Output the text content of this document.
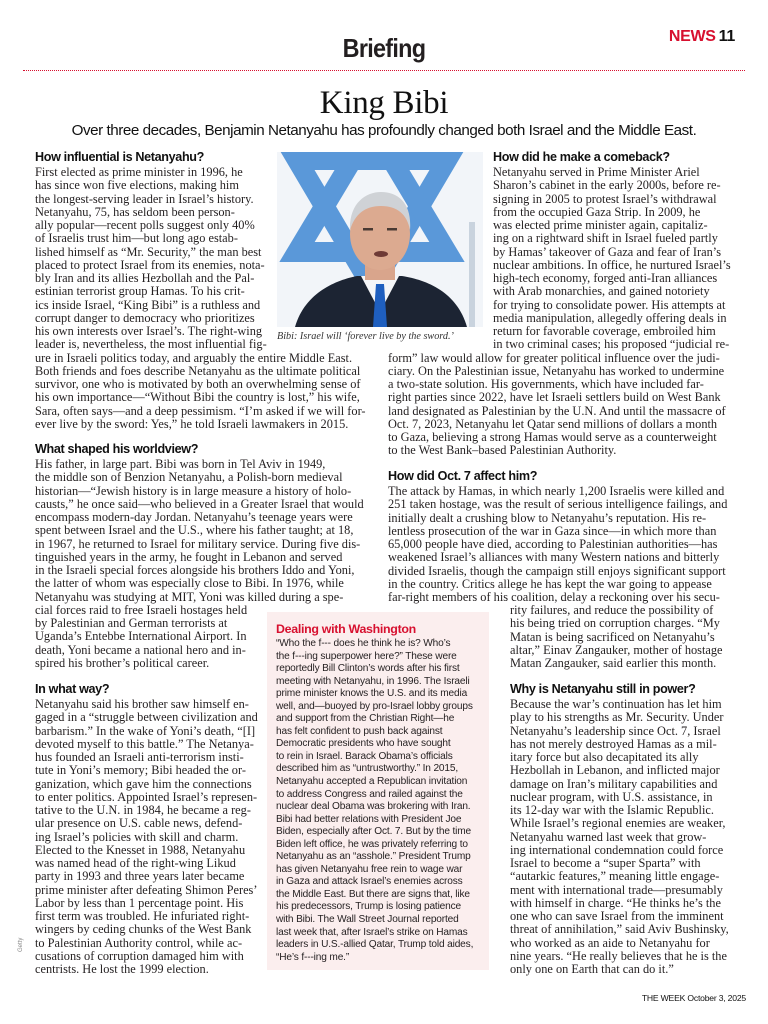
Briefing	NEWS 11
King Bibi
Over three decades, Benjamin Netanyahu has profoundly changed both Israel and the Middle East.
Bibi: Israel will ‘forever live by the sword.’
How influential is Netanyahu?
First elected as prime minister in 1996, he
has since won five elections, making him
the longest-serving leader in Israel’s history.
Netanyahu, 75, has seldom been person-
ally popular—recent polls suggest only 40%
of Israelis trust him—but long ago estab-
lished himself as “Mr. Security,” the man best
placed to protect Israel from its enemies, nota-
bly Iran and its allies Hezbollah and the Pal-
estinian terrorist group Hamas. To his crit-
ics inside Israel, “King Bibi” is a ruthless and
corrupt danger to democracy who prioritizes
his own interests over Israel’s. The right-wing
leader is, nevertheless, the most influential fig-
ure in Israeli politics today, and arguably the entire Middle East.
Both friends and foes describe Netanyahu as the ultimate political
survivor, one who is motivated by both an overwhelming sense of
his own importance—“Without Bibi the country is lost,” his wife,
Sara, often says—and a deep pessimism. “I’m asked if we will for-
ever live by the sword: Yes,” he told Israeli lawmakers in 2015.
What shaped his worldview?
His father, in large part. Bibi was born in Tel Aviv in 1949,
the middle son of Benzion Netanyahu, a Polish-born medieval
historian—“Jewish history is in large measure a history of holo-
causts,” he once said—who believed in a Greater Israel that would
encompass modern-day Jordan. Netanyahu’s teenage years were
spent between Israel and the U.S., where his father taught; at 18,
in 1967, he returned to Israel for military service. During five dis-
tinguished years in the army, he fought in Lebanon and served
in the Israeli special forces alongside his brothers Iddo and Yoni,
the latter of whom was especially close to Bibi. In 1976, while
Netanyahu was studying at MIT, Yoni was killed during a spe-
cial forces raid to free Israeli hostages held
by Palestinian and German terrorists at
Uganda’s Entebbe International Airport. In
death, Yoni became a national hero and in-
spired his brother’s political career.
In what way?
Netanyahu said his brother saw himself en-
gaged in a “struggle between civilization and
barbarism.” In the wake of Yoni’s death, “[I]
devoted myself to this battle.” The Netanya-
hus founded an Israeli anti-terrorism insti-
tute in Yoni’s memory; Bibi headed the or-
ganization, which gave him the connections
to enter politics. Appointed Israel’s represen-
tative to the U.N. in 1984, he became a reg-
ular presence on U.S. cable news, defend-
ing Israel’s policies with skill and charm.
Elected to the Knesset in 1988, Netanyahu
was named head of the right-wing Likud
party in 1993 and three years later became
prime minister after defeating Shimon Peres’
Labor by less than 1 percentage point. His
first term was troubled. He infuriated right-
wingers by ceding chunks of the West Bank
to Palestinian Authority control, while ac-
cusations of corruption damaged him with
centrists. He lost the 1999 election.
How did he make a comeback?
Netanyahu served in Prime Minister Ariel
Sharon’s cabinet in the early 2000s, before re-
signing in 2005 to protest Israel’s withdrawal
from the occupied Gaza Strip. In 2009, he
was elected prime minister again, capitaliz-
ing on a rightward shift in Israel fueled partly
by Hamas’ takeover of Gaza and fear of Iran’s
nuclear ambitions. In office, he nurtured Israel’s
high-tech economy, forged anti-Iran alliances
with Arab monarchies, and gained notoriety
for trying to consolidate power. His attempts at
media manipulation, allegedly offering deals in
return for favorable coverage, embroiled him
in two criminal cases; his proposed “judicial re-
form” law would allow for greater political influence over the judi-
ciary. On the Palestinian issue, Netanyahu has worked to undermine
a two-state solution. His governments, which have included far-
right parties since 2022, have let Israeli settlers build on West Bank
land designated as Palestinian by the U.N. And until the massacre of
Oct. 7, 2023, Netanyahu let Qatar send millions of dollars a month
to Gaza, believing a strong Hamas would serve as a counterweight
to the West Bank–based Palestinian Authority.
How did Oct. 7 affect him?
The attack by Hamas, in which nearly 1,200 Israelis were killed and
251 taken hostage, was the result of serious intelligence failings, and
initially dealt a crushing blow to Netanyahu’s reputation. His re-
lentless prosecution of the war in Gaza since—in which more than
65,000 people have died, according to Palestinian authorities—has
weakened Israel’s alliances with many Western nations and bitterly
divided Israelis, though the campaign still enjoys significant support
in the country. Critics allege he has kept the war going to appease
far-right members of his coalition, delay a reckoning over his secu-
rity failures, and reduce the possibility of
his being tried on corruption charges. “My
Matan is being sacrificed on Netanyahu’s
altar,” Einav Zangauker, mother of hostage
Matan Zangauker, said earlier this month.
Why is Netanyahu still in power?
Because the war’s continuation has let him
play to his strengths as Mr. Security. Under
Netanyahu’s leadership since Oct. 7, Israel
has not merely destroyed Hamas as a mil-
itary force but also decapitated its ally
Hezbollah in Lebanon, and inflicted major
damage on Iran’s military capabilities and
nuclear program, with U.S. assistance, in
its 12-day war with the Islamic Republic.
While Israel’s regional enemies are weaker,
Netanyahu warned last week that grow-
ing international condemnation could force
Israel to become a “super Sparta” with
“autarkic features,” meaning little engage-
ment with international trade—presumably
with himself in charge. “He thinks he’s the
one who can save Israel from the imminent
threat of annihilation,” said Aviv Bushinsky,
who worked as an aide to Netanyahu for
nine years. “He really believes that he is the
only one on Earth that can do it.”
Dealing with Washington
“Who the f--- does he think he is? Who’s
the f---ing superpower here?” These were
reportedly Bill Clinton’s words after his first
meeting with Netanyahu, in 1996. The Israeli
prime minister knows the U.S. and its media
well, and—buoyed by pro-Israel lobby groups
and support from the Christian Right—he
has felt confident to push back against
Democratic presidents who have sought
to rein in Israel. Barack Obama’s officials
described him as “untrustworthy.” In 2015,
Netanyahu accepted a Republican invitation
to address Congress and railed against the
nuclear deal Obama was brokering with Iran.
Bibi had better relations with President Joe
Biden, especially after Oct. 7. But by the time
Biden left office, he was privately referring to
Netanyahu as an “asshole.” President Trump
has given Netanyahu free rein to wage war
in Gaza and attack Israel’s enemies across
the Middle East. But there are signs that, like
his predecessors, Trump is losing patience
with Bibi. The Wall Street Journal reported
last week that, after Israel’s strike on Hamas
leaders in U.S.-allied Qatar, Trump told aides,
“He’s f---ing me.”
Getty
THE WEEK October 3, 2025
